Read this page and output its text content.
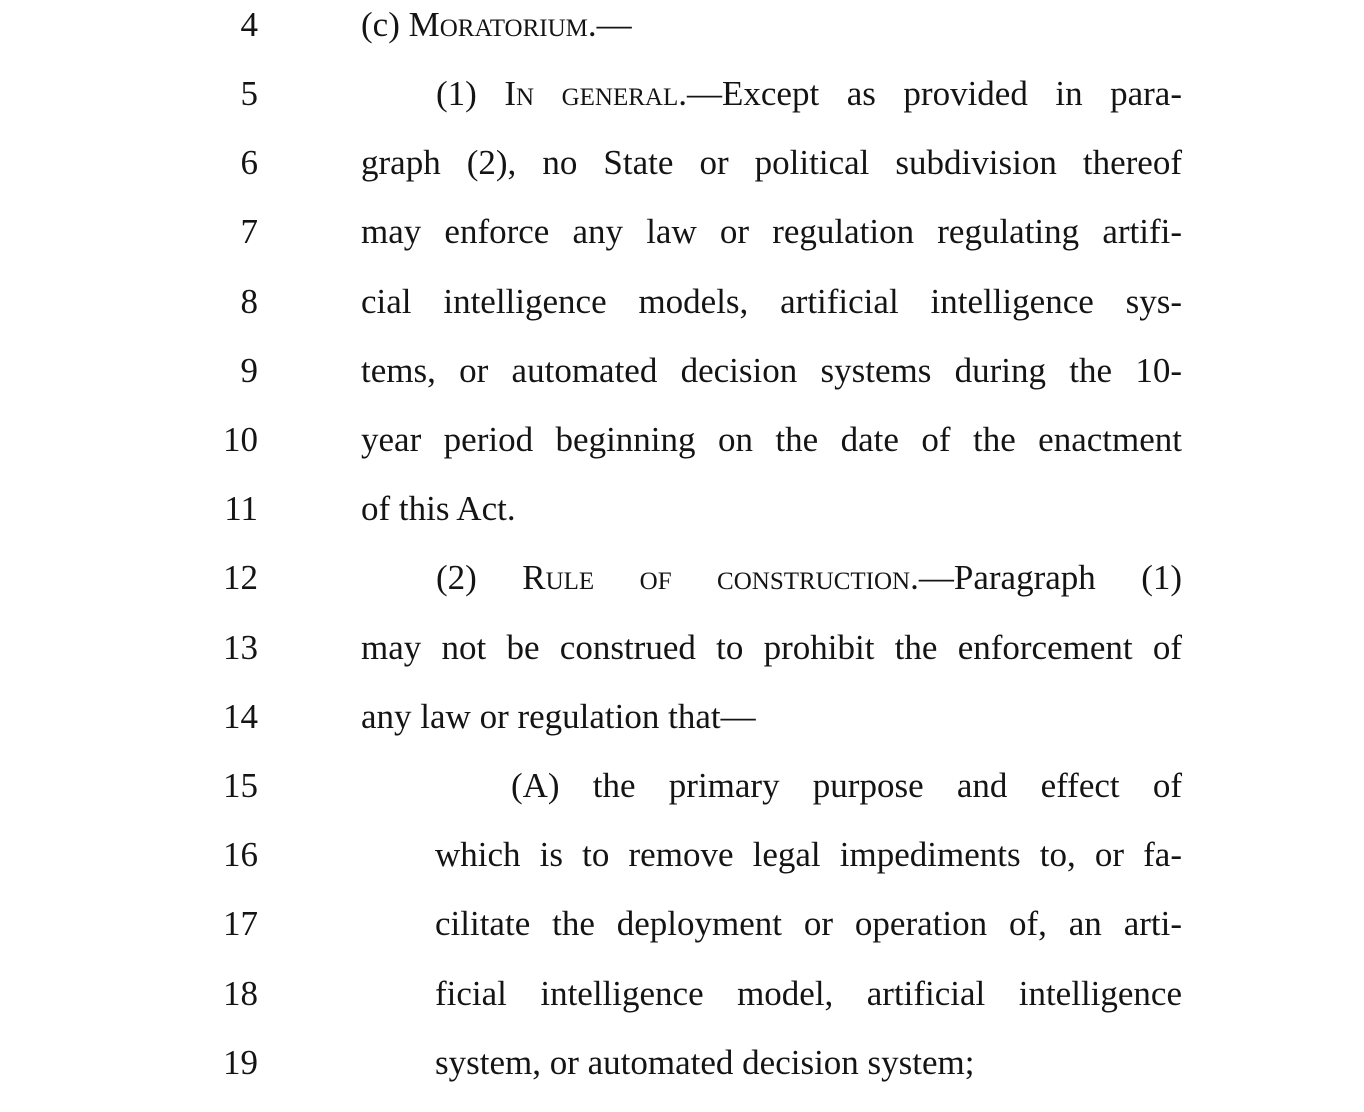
4	(c) Moratorium.—
5	(1) In general.—Except as provided in para-
6	graph (2), no State or political subdivision thereof
7	may enforce any law or regulation regulating artifi-
8	cial intelligence models, artificial intelligence sys-
9	tems, or automated decision systems during the 10-
10	year period beginning on the date of the enactment
11	of this Act.
12	(2) Rule of construction.—Paragraph (1)
13	may not be construed to prohibit the enforcement of
14	any law or regulation that—
15	(A) the primary purpose and effect of
16	which is to remove legal impediments to, or fa-
17	cilitate the deployment or operation of, an arti-
18	ficial intelligence model, artificial intelligence
19	system, or automated decision system;
